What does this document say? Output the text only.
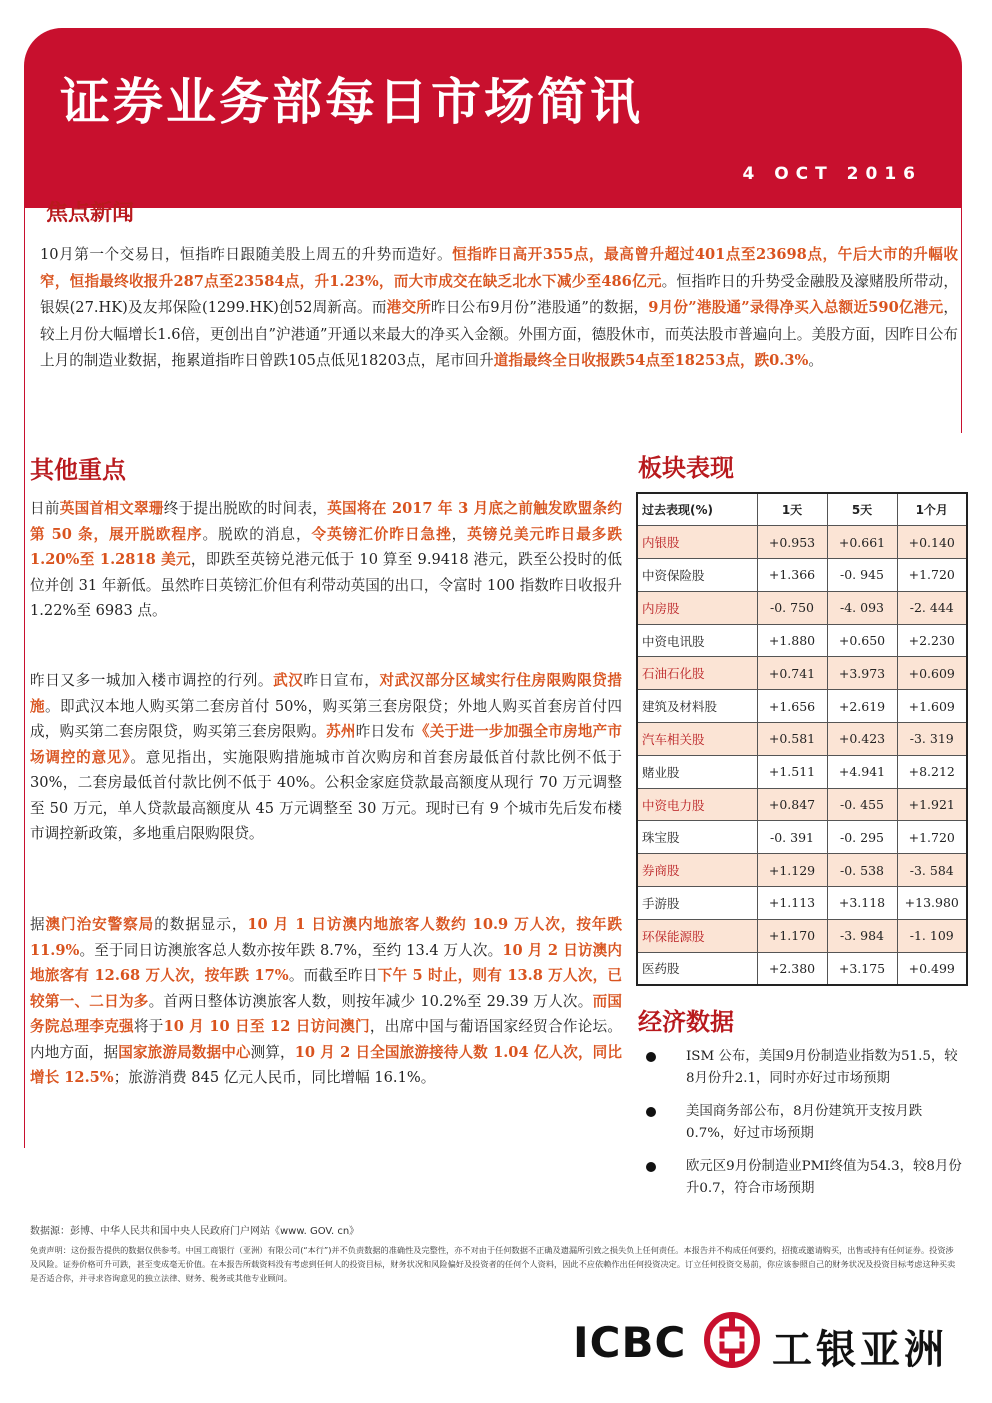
证券业务部每日市场简讯
4 OCT 2016
焦点新闻
10月第一个交易日，恒指昨日跟随美股上周五的升势而造好。恒指昨日高开355点，最高曾升超过401点至23698点，午后大市的升幅收窄，恒指最终收报升287点至23584点，升1.23%，而大市成交在缺乏北水下减少至486亿元。恒指昨日的升势受金融股及濠赌股所带动，银娱(27.HK)及友邦保险(1299.HK)创52周新高。而港交所昨日公布9月份”港股通”的数据，9月份”港股通”录得净买入总额近590亿港元，较上月份大幅增长1.6倍，更创出自”沪港通”开通以来最大的净买入金额。外围方面，德股休市，而英法股市普遍向上。美股方面，因昨日公布上月的制造业数据，拖累道指昨日曾跌105点低见18203点，尾市回升道指最终全日收报跌54点至18253点，跌0.3%。
其他重点
日前英国首相文翠珊终于提出脱欧的时间表，英国将在 2017 年 3 月底之前触发欧盟条约第 50 条，展开脱欧程序。脱欧的消息，令英镑汇价昨日急挫，英镑兑美元昨日最多跌 1.20%至 1.2818 美元，即跌至英镑兑港元低于 10 算至 9.9418 港元，跌至公投时的低位并创 31 年新低。虽然昨日英镑汇价但有利带动英国的出口，令富时 100 指数昨日收报升 1.22%至 6983 点。
昨日又多一城加入楼市调控的行列。武汉昨日宣布，对武汉部分区域实行住房限购限贷措施。即武汉本地人购买第二套房首付 50%，购买第三套房限贷；外地人购买首套房首付四成，购买第二套房限贷，购买第三套房限购。苏州昨日发布《关于进一步加强全市房地产市场调控的意见》。意见指出，实施限购措施城市首次购房和首套房最低首付款比例不低于 30%，二套房最低首付款比例不低于 40%。公积金家庭贷款最高额度从现行 70 万元调整至 50 万元，单人贷款最高额度从 45 万元调整至 30 万元。现时已有 9 个城市先后发布楼市调控新政策，多地重启限购限贷。
据澳门治安警察局的数据显示，10 月 1 日访澳内地旅客人数约 10.9 万人次，按年跌 11.9%。至于同日访澳旅客总人数亦按年跌 8.7%，至约 13.4 万人次。10 月 2 日访澳内地旅客有 12.68 万人次，按年跌 17%。而截至昨日下午 5 时止，则有 13.8 万人次，已较第一、二日为多。首两日整体访澳旅客人数，则按年减少 10.2%至 29.39 万人次。而国务院总理李克强将于10 月 10 日至 12 日访问澳门，出席中国与葡语国家经贸合作论坛。内地方面，据国家旅游局数据中心测算，10 月 2 日全国旅游接待人数 1.04 亿人次，同比增长 12.5%；旅游消费 845 亿元人民币，同比增幅 16.1%。
板块表现
过去表现(%)	1天	5天	1个月
内银股	+0.953	+0.661	+0.140
中资保险股	+1.366	-0. 945	+1.720
内房股	-0. 750	-4. 093	-2. 444
中资电讯股	+1.880	+0.650	+2.230
石油石化股	+0.741	+3.973	+0.609
建筑及材料股	+1.656	+2.619	+1.609
汽车相关股	+0.581	+0.423	-3. 319
赌业股	+1.511	+4.941	+8.212
中资电力股	+0.847	-0. 455	+1.921
珠宝股	-0. 391	-0. 295	+1.720
券商股	+1.129	-0. 538	-3. 584
手游股	+1.113	+3.118	+13.980
环保能源股	+1.170	-3. 984	-1. 109
医药股	+2.380	+3.175	+0.499
经济数据
ISM 公布，美国9月份制造业指数为51.5，较8月份升2.1，同时亦好过市场预期
美国商务部公布，8月份建筑开支按月跌0.7%，好过市场预期
欧元区9月份制造业PMI终值为54.3，较8月份升0.7，符合市场预期
数据源：彭博、中华人民共和国中央人民政府门户网站《www. GOV. cn》
免责声明：这份报告提供的数据仅供参考。中国工商银行（亚洲）有限公司(“本行”)并不负责数据的准确性及完整性，亦不对由于任何数据不正确及遗漏所引致之损失负上任何责任。本报告并不构成任何要约，招揽或邀请购买，出售或持有任何证券。投资涉及风险。证券价格可升可跌，甚至变成毫无价值。在本报告所载资料没有考虑到任何人的投资目标，财务状况和风险偏好及投资者的任何个人资料，因此不应依赖作出任何投资决定。订立任何投资交易前，你应该参照自己的财务状况及投资目标考虑这种买卖是否适合你，并寻求咨询意见的独立法律、财务、税务或其他专业顾问。
ICBC 工银亚洲
